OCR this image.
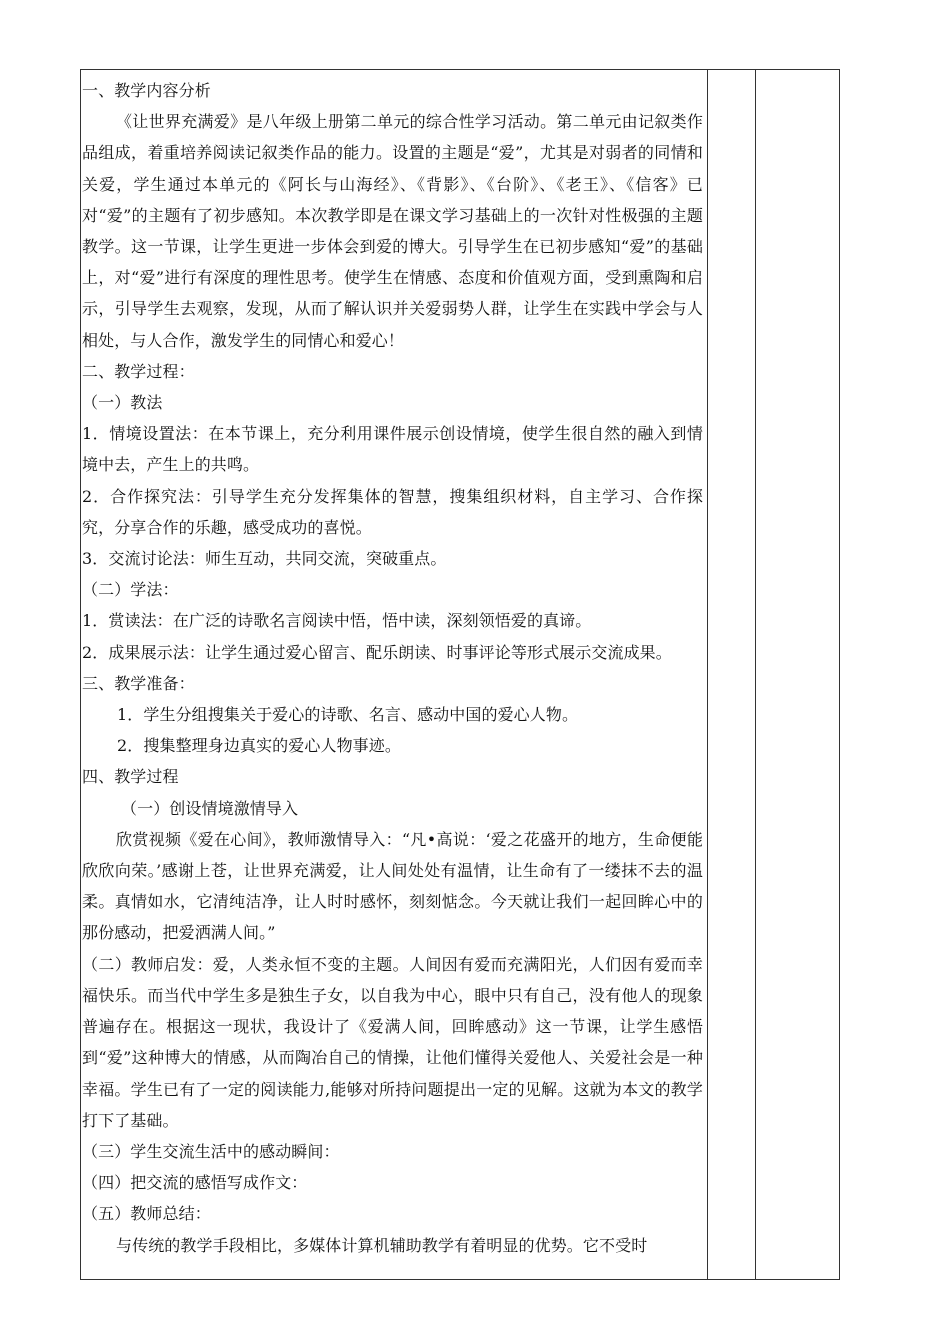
一、教学内容分析

《让世界充满爱》是八年级上册第二单元的综合性学习活动。第二单元由记叙类作品组成，着重培养阅读记叙类作品的能力。设置的主题是“爱”，尤其是对弱者的同情和关爱，学生通过本单元的《阿长与山海经》、《背影》、《台阶》、《老王》、《信客》已对“爱”的主题有了初步感知。本次教学即是在课文学习基础上的一次针对性极强的主题教学。这一节课，让学生更进一步体会到爱的博大。引导学生在已初步感知“爱”的基础上，对“爱”进行有深度的理性思考。使学生在情感、态度和价值观方面，受到熏陶和启示，引导学生去观察，发现，从而了解认识并关爱弱势人群，让学生在实践中学会与人相处，与人合作，激发学生的同情心和爱心！

二、教学过程：

（一）教法

1．情境设置法：在本节课上，充分利用课件展示创设情境，使学生很自然的融入到情境中去，产生上的共鸣。

2．合作探究法：引导学生充分发挥集体的智慧，搜集组织材料，自主学习、合作探究，分享合作的乐趣，感受成功的喜悦。

3．交流讨论法：师生互动，共同交流，突破重点。

（二）学法：

1．赏读法：在广泛的诗歌名言阅读中悟，悟中读，深刻领悟爱的真谛。

2．成果展示法：让学生通过爱心留言、配乐朗读、时事评论等形式展示交流成果。

三、教学准备：

1．学生分组搜集关于爱心的诗歌、名言、感动中国的爱心人物。

2．搜集整理身边真实的爱心人物事迹。

四、教学过程

（一）创设情境激情导入

欣赏视频《爱在心间》，教师激情导入：“凡•高说：‘爱之花盛开的地方，生命便能欣欣向荣。’感谢上苍，让世界充满爱，让人间处处有温情，让生命有了一缕抹不去的温柔。真情如水，它清纯洁净，让人时时感怀，刻刻惦念。今天就让我们一起回眸心中的那份感动，把爱洒满人间。”

（二）教师启发：爱，人类永恒不变的主题。人间因有爱而充满阳光，人们因有爱而幸福快乐。而当代中学生多是独生子女，以自我为中心，眼中只有自己，没有他人的现象普遍存在。根据这一现状，我设计了《爱满人间，回眸感动》这一节课，让学生感悟到“爱”这种博大的情感，从而陶冶自己的情操，让他们懂得关爱他人、关爱社会是一种幸福。学生已有了一定的阅读能力,能够对所持问题提出一定的见解。这就为本文的教学打下了基础。

（三）学生交流生活中的感动瞬间：

（四）把交流的感悟写成作文：

（五）教师总结：

与传统的教学手段相比，多媒体计算机辅助教学有着明显的优势。它不受时
